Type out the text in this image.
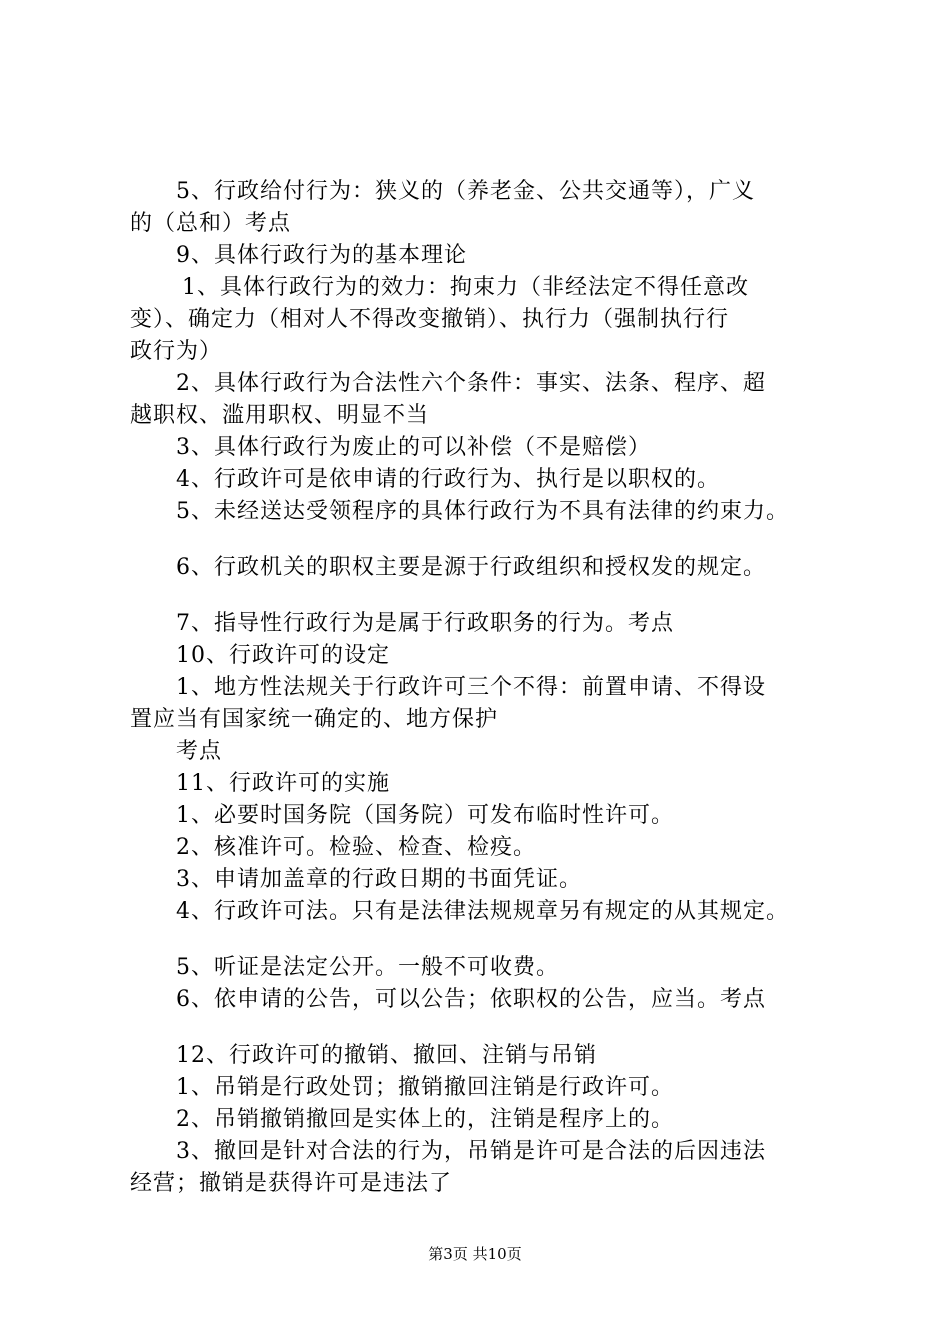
5、行政给付行为：狭义的（养老金、公共交通等），广义
的（总和）考点
9、具体行政行为的基本理论
1、具体行政行为的效力：拘束力（非经法定不得任意改
变）、确定力（相对人不得改变撤销）、执行力（强制执行行
政行为）
2、具体行政行为合法性六个条件：事实、法条、程序、超
越职权、滥用职权、明显不当
3、具体行政行为废止的可以补偿（不是赔偿）
4、行政许可是依申请的行政行为、执行是以职权的。
5、未经送达受领程序的具体行政行为不具有法律的约束力。
6、行政机关的职权主要是源于行政组织和授权发的规定。
7、指导性行政行为是属于行政职务的行为。考点
10、行政许可的设定
1、地方性法规关于行政许可三个不得：前置申请、不得设
置应当有国家统一确定的、地方保护
考点
11、行政许可的实施
1、必要时国务院（国务院）可发布临时性许可。
2、核准许可。检验、检查、检疫。
3、申请加盖章的行政日期的书面凭证。
4、行政许可法。只有是法律法规规章另有规定的从其规定。
5、听证是法定公开。一般不可收费。
6、依申请的公告，可以公告；依职权的公告，应当。考点
12、行政许可的撤销、撤回、注销与吊销
1、吊销是行政处罚；撤销撤回注销是行政许可。
2、吊销撤销撤回是实体上的，注销是程序上的。
3、撤回是针对合法的行为，吊销是许可是合法的后因违法
经营；撤销是获得许可是违法了
第3页 共10页
